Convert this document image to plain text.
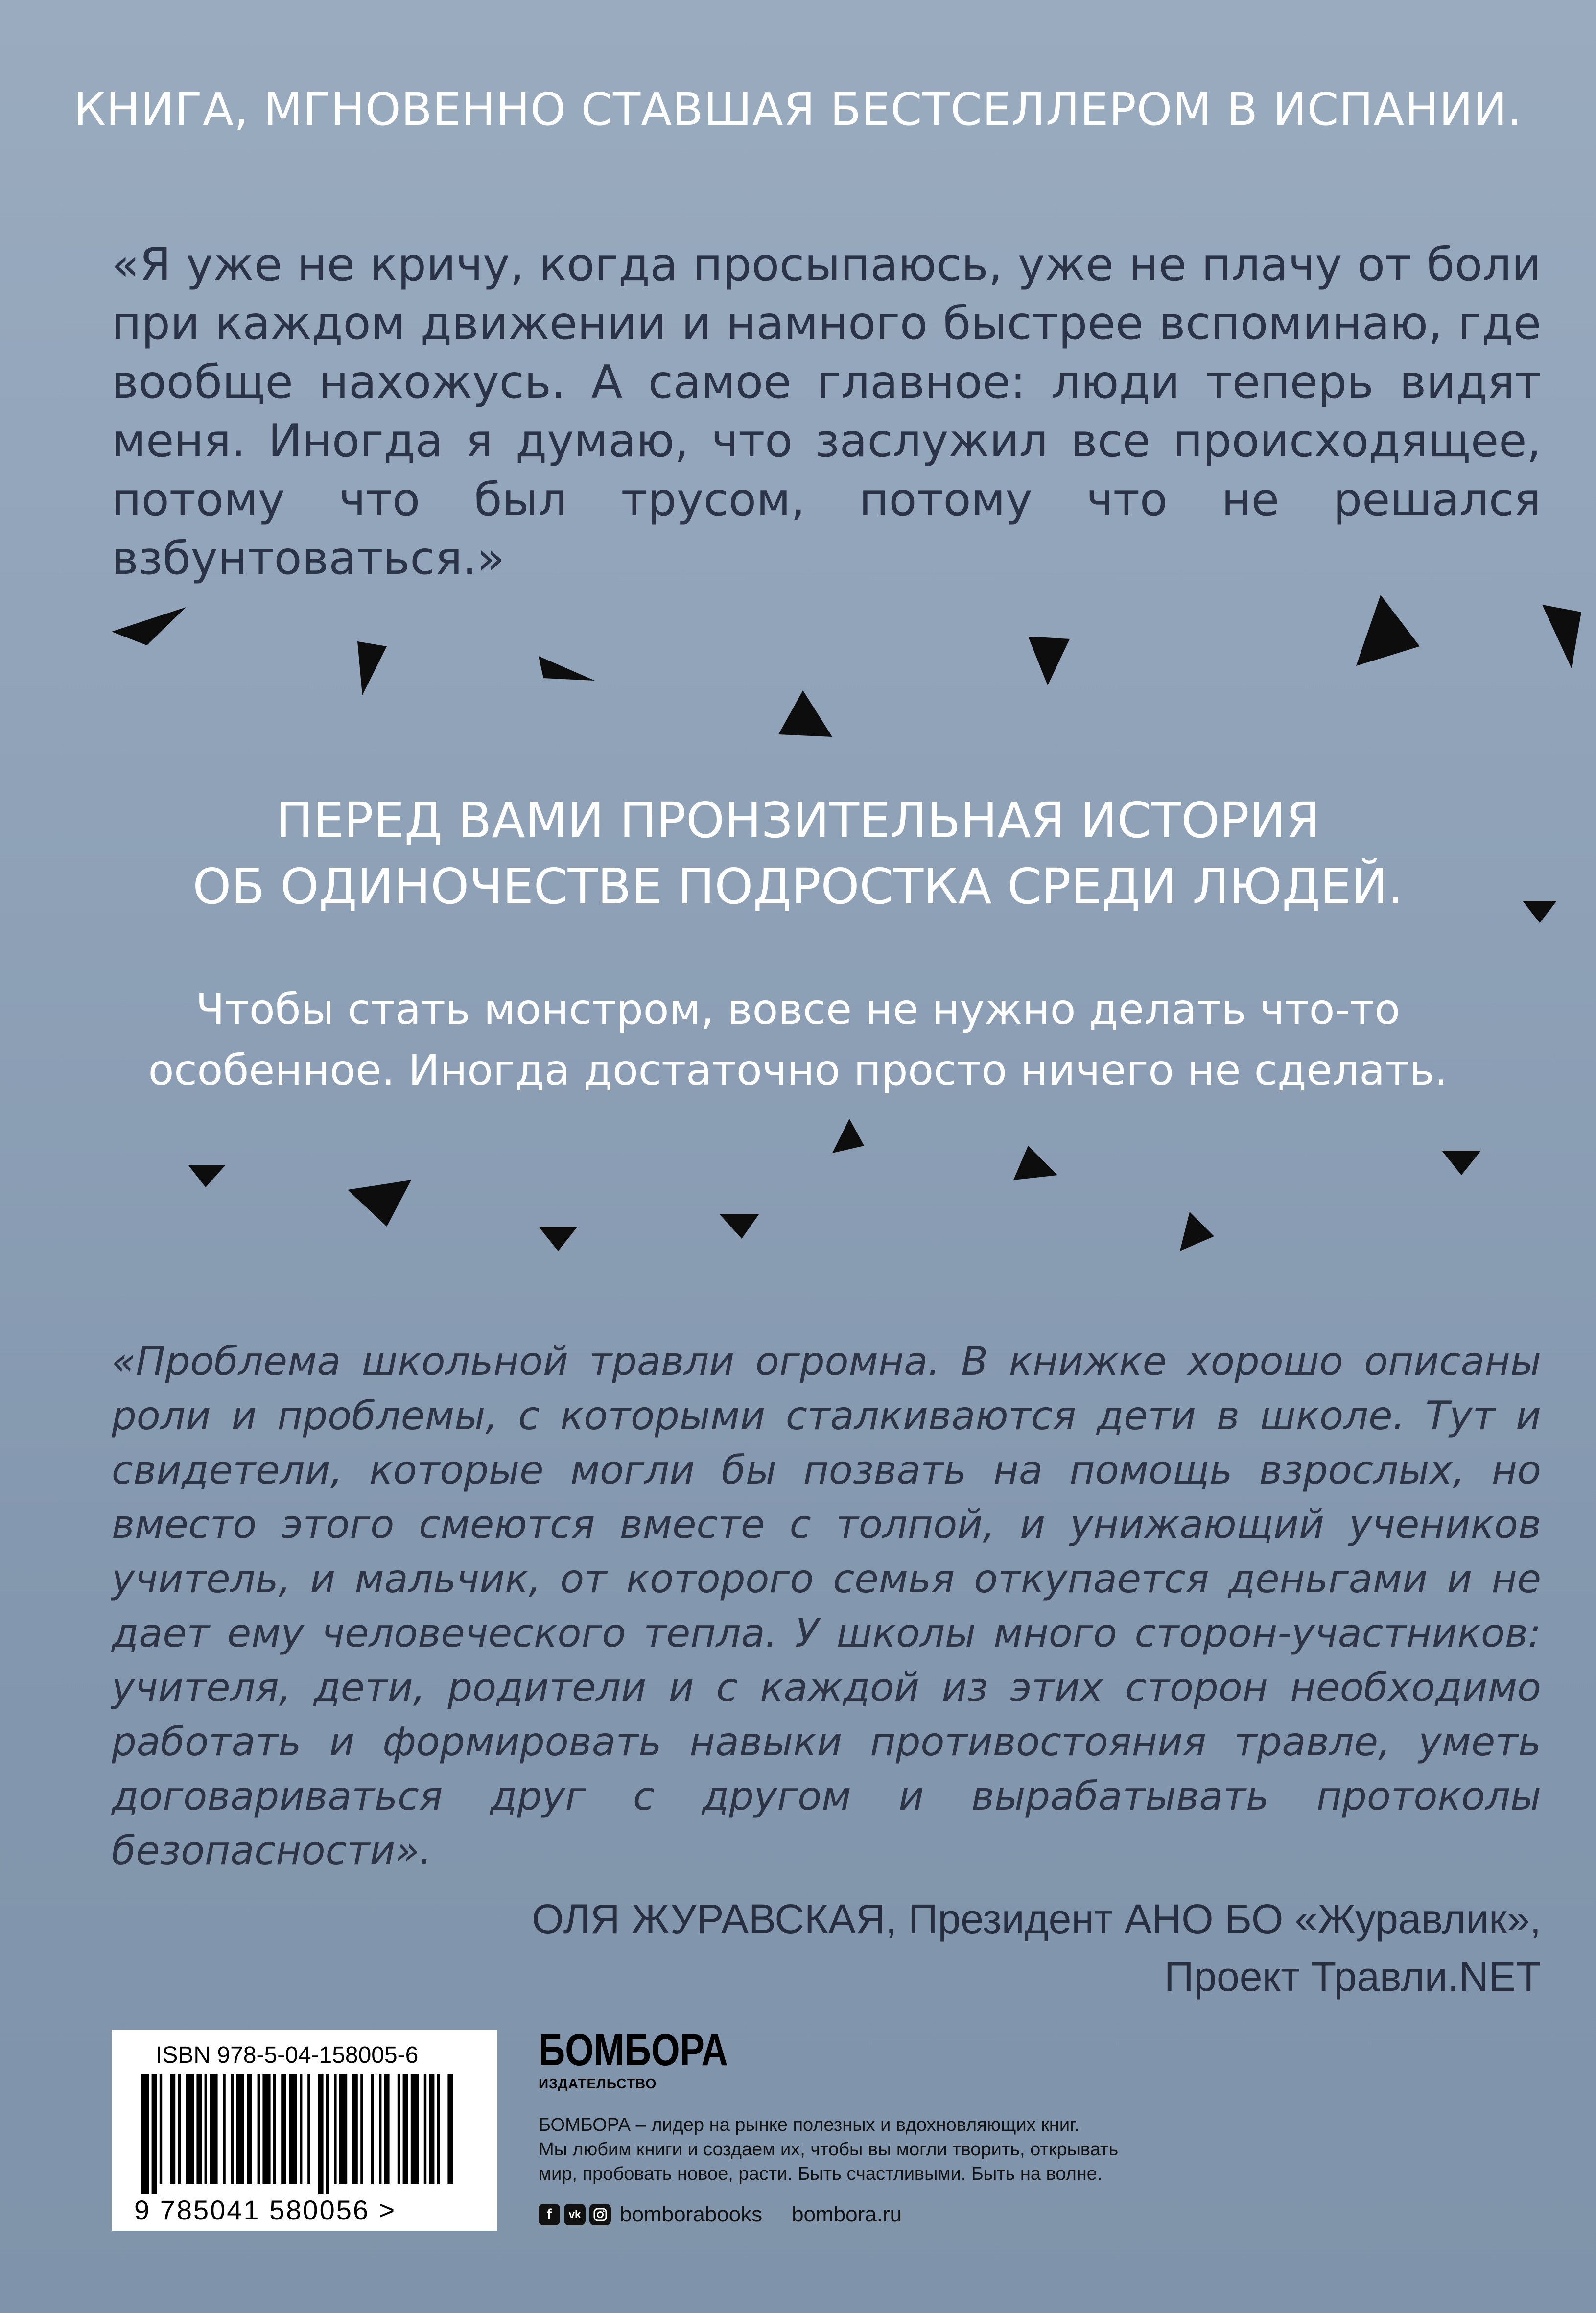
КНИГА, МГНОВЕННО СТАВШАЯ БЕСТСЕЛЛЕРОМ В ИСПАНИИ.
«Я уже не кричу, когда просыпаюсь, уже не плачу от боли при каждом движении и намного быстрее вспоминаю, где вообще нахожусь. А самое главное: люди теперь видят меня. Иногда я думаю, что заслужил все происходящее, потому что был трусом, потому что не решался взбунтоваться.»
ПЕРЕД ВАМИ ПРОНЗИТЕЛЬНАЯ ИСТОРИЯ
ОБ ОДИНОЧЕСТВЕ ПОДРОСТКА СРЕДИ ЛЮДЕЙ.
Чтобы стать монстром, вовсе не нужно делать что-то
особенное. Иногда достаточно просто ничего не сделать.
«Проблема школьной травли огромна. В книжке хорошо описаны роли и проблемы, с которыми сталкиваются дети в школе. Тут и свидетели, которые могли бы позвать на помощь взрослых, но вместо этого смеются вместе с толпой, и унижающий учеников учитель, и мальчик, от которого семья откупается деньгами и не дает ему человеческого тепла. У школы много сторон-участников: учителя, дети, родители и с каждой из этих сторон необходимо работать и формировать навыки противостояния травле, уметь договариваться друг с другом и вырабатывать протоколы безопасности».
ОЛЯ ЖУРАВСКАЯ, Президент АНО БО «Журавлик»,
Проект Травли.NET
ISBN 978-5-04-158005-6
9 785041 580056 >
БОМБОРА
ИЗДАТЕЛЬСТВО
БОМБОРА – лидер на рынке полезных и вдохновляющих книг.
Мы любим книги и создаем их, чтобы вы могли творить, открывать
мир, пробовать новое, расти. Быть счастливыми. Быть на волне.
f	vk bomborabooks bombora.ru
